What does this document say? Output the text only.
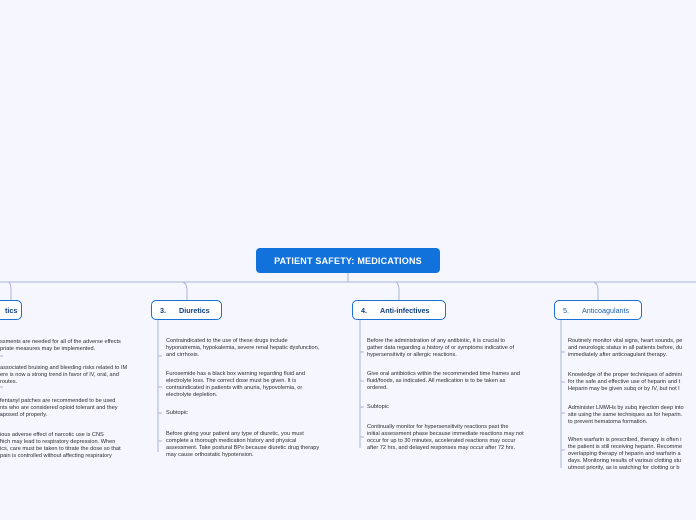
PATIENT SAFETY: MEDICATIONS
tics	3. Diuretics	4. Anti-infectives	5. Anticoagulants
ssments are needed for all of the adverse effects
priate measures may be implemented.
associated bruising and bleeding risks related to IM
ere is now a strong trend in favor of IV, oral, and
routes.
fentanyl patches are recommended to be used
nts who are considered opioid tolerant and they
sposed of properly.
ious adverse effect of narcotic use is CNS
hich may lead to respiratory depression. When
ics, care must be taken to titrate the dose so that
pain is controlled without affecting respiratory
Contraindicated to the use of these drugs include
hyponatremia, hypokalemia, severe renal hepatic dysfunction,
and cirrhosis.
Furosemide has a black box warning regarding fluid and
electrolyte loss. The correct dose must be given. It is
contraindicated in patients with anuria, hypovolemia, or
electrolyte depletion.
Subtopic
Before giving your patient any type of diuretic, you must
complete a thorough medication history and physical
assessment. Take postural BPs because diuretic drug therapy
may cause orthostatic hypotension.
Before the administration of any antibiotic, it is crucial to
gather data regarding a history of or symptoms indicative of
hypersensitivity or allergic reactions.
Give oral antibiotics within the recommended time frames and
fluid/foods, as indicated. All medication is to be taken as
ordered.
Subtopic
Continually monitor for hypersensitivity reactions past the
initial assessment phase because immediate reactions may not
occur for up to 30 minutes, accelerated reactions may occur
after 72 hrs, and delayed responses may occur after 72 hrs.
Routinely monitor vital signs, heart sounds, pe
and neurologic status in all patients before, du
immediately after anticoagulant therapy.
Knowledge of the proper techniques of admini
for the safe and effective use of heparin and t
Heparin may be given subq or by IV, but not I
Administer LMWHs by subq injection deep into
site using the same techniques as for heparin.
to prevent hematoma formation.
When warfarin is prescribed, therapy is often i
the patient is still receiving heparin. Recomme
overlapping therapy of heparin and warfarin a
days. Monitoring results of various clotting stu
utmost priority, as is watching for clotting or b
